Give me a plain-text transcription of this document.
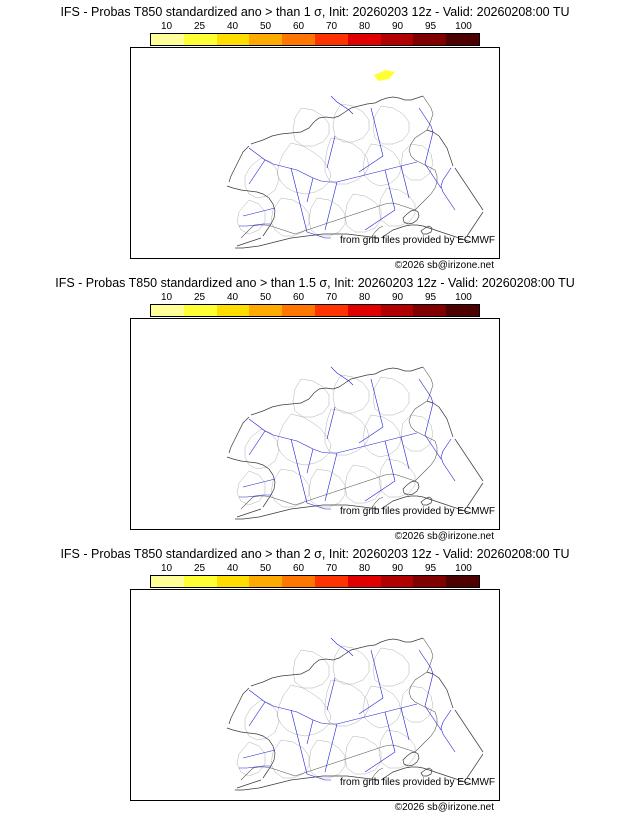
IFS - Probas T850 standardized ano > than 1 σ, Init: 20260203 12z - Valid: 20260208:00 TU
10 25 40 50 60 70 80 90 95 100
from grib files provided by ECMWF
©2026 sb@irizone.net
IFS - Probas T850 standardized ano > than 1.5 σ, Init: 20260203 12z - Valid: 20260208:00 TU
10 25 40 50 60 70 80 90 95 100
from grib files provided by ECMWF
©2026 sb@irizone.net
IFS - Probas T850 standardized ano > than 2 σ, Init: 20260203 12z - Valid: 20260208:00 TU
10 25 40 50 60 70 80 90 95 100
from grib files provided by ECMWF
©2026 sb@irizone.net
